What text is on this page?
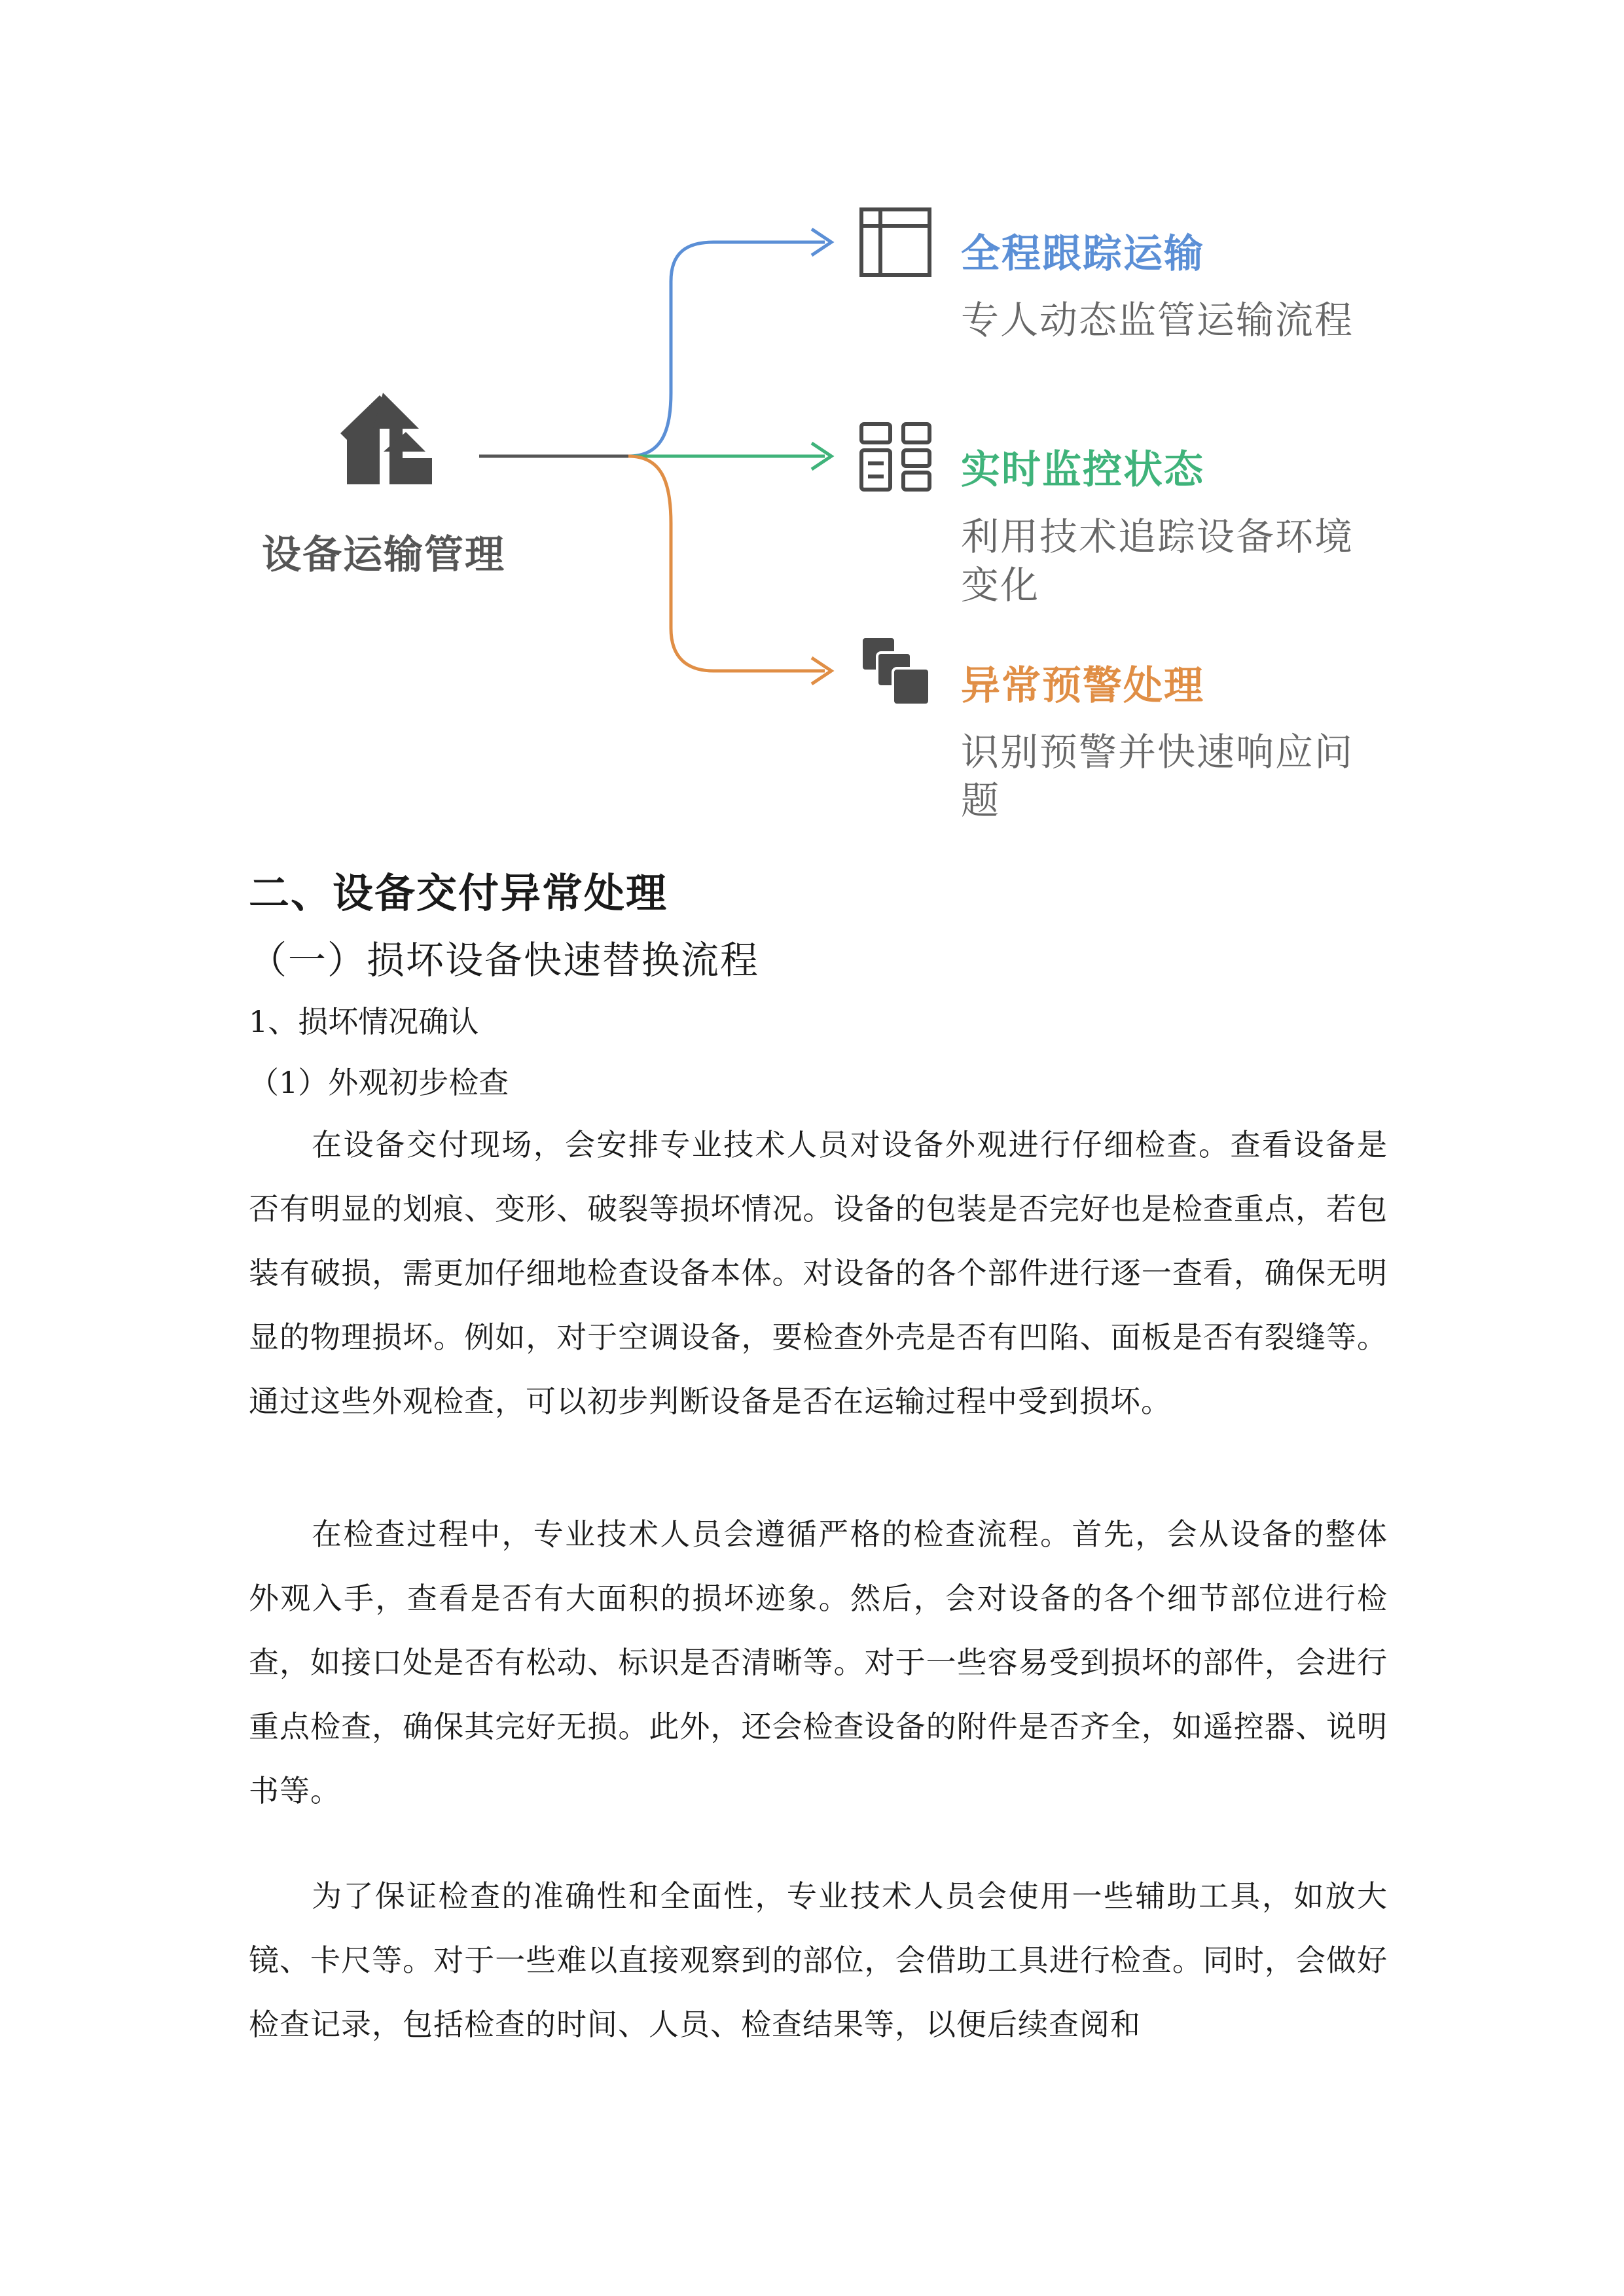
设备运输管理
全程跟踪运输
专人动态监管运输流程
实时监控状态
利用技术追踪设备环境变化
异常预警处理
识别预警并快速响应问题
二、设备交付异常处理
（一）损坏设备快速替换流程
1、损坏情况确认
（1）外观初步检查

在设备交付现场，会安排专业技术人员对设备外观进行仔细检查。查看设备是否有明显的划痕、变形、破裂等损坏情况。设备的包装是否完好也是检查重点，若包装有破损，需更加仔细地检查设备本体。对设备的各个部件进行逐一查看，确保无明显的物理损坏。例如，对于空调设备，要检查外壳是否有凹陷、面板是否有裂缝等。通过这些外观检查，可以初步判断设备是否在运输过程中受到损坏。

在检查过程中，专业技术人员会遵循严格的检查流程。首先，会从设备的整体外观入手，查看是否有大面积的损坏迹象。然后，会对设备的各个细节部位进行检查，如接口处是否有松动、标识是否清晰等。对于一些容易受到损坏的部件，会进行重点检查，确保其完好无损。此外，还会检查设备的附件是否齐全，如遥控器、说明书等。

为了保证检查的准确性和全面性，专业技术人员会使用一些辅助工具，如放大镜、卡尺等。对于一些难以直接观察到的部位，会借助工具进行检查。同时，会做好检查记录，包括检查的时间、人员、检查结果等，以便后续查阅和
